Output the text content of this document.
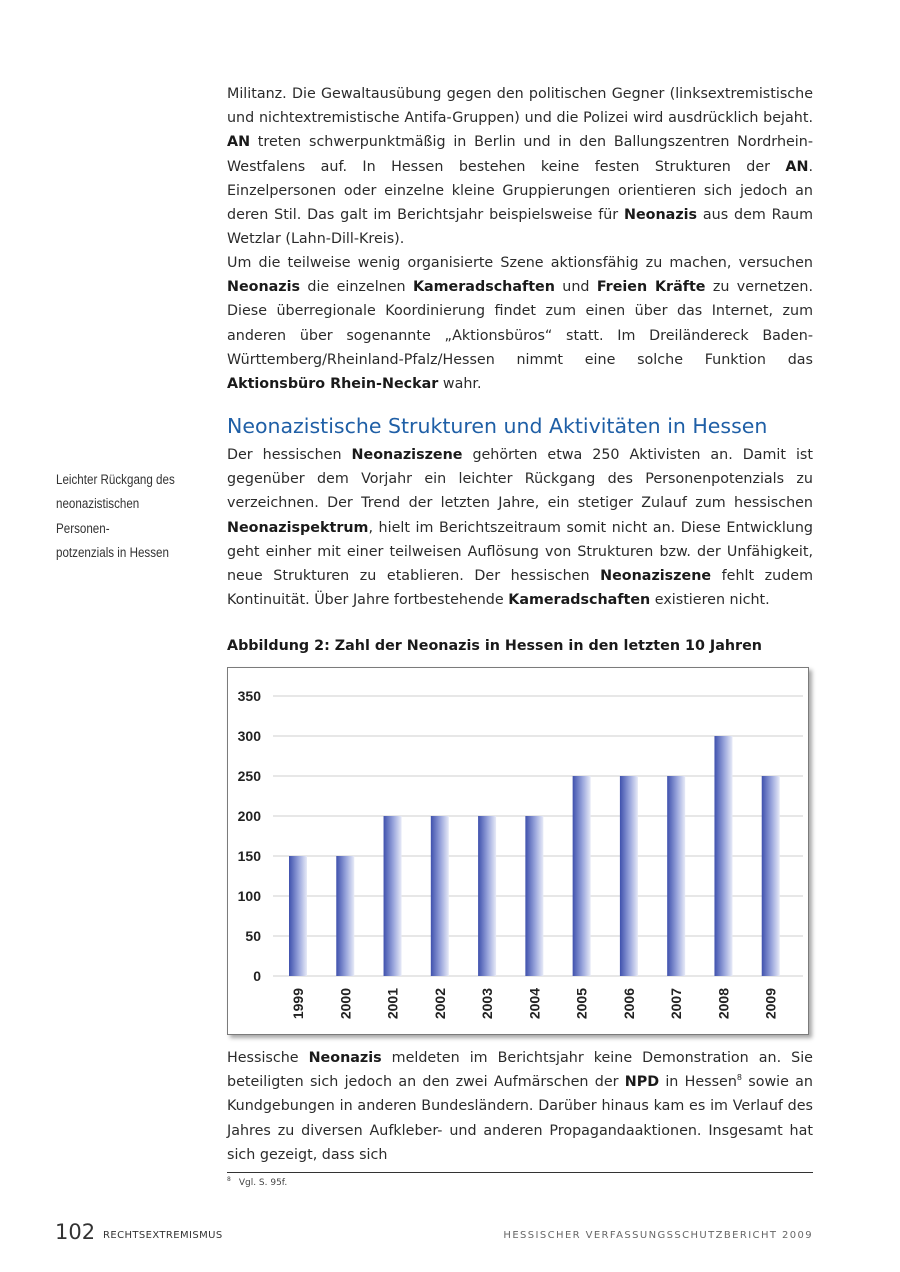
Militanz. Die Gewaltausübung gegen den politischen Gegner (linksextremistische und nichtextremistische Antifa-Gruppen) und die Polizei wird ausdrücklich bejaht. AN treten schwerpunktmäßig in Berlin und in den Ballungszentren Nordrhein-Westfalens auf. In Hessen bestehen keine festen Strukturen der AN. Einzelpersonen oder einzelne kleine Gruppierungen orientieren sich jedoch an deren Stil. Das galt im Berichtsjahr beispielsweise für Neonazis aus dem Raum Wetzlar (Lahn-Dill-Kreis).

Um die teilweise wenig organisierte Szene aktionsfähig zu machen, versuchen Neonazis die einzelnen Kameradschaften und Freien Kräfte zu vernetzen. Diese überregionale Koordinierung findet zum einen über das Internet, zum anderen über sogenannte „Aktionsbüros“ statt. Im Dreiländereck Baden-Württemberg/Rheinland-Pfalz/Hessen nimmt eine solche Funktion das Aktionsbüro Rhein-Neckar wahr.

Neonazistische Strukturen und Aktivitäten in Hessen
Leichter Rückgang des
neonazistischen Personen-
potzenzials in Hessen

Der hessischen Neonaziszene gehörten etwa 250 Aktivisten an. Damit ist gegenüber dem Vorjahr ein leichter Rückgang des Personenpotenzials zu verzeichnen. Der Trend der letzten Jahre, ein stetiger Zulauf zum hessischen Neonazispektrum, hielt im Berichtszeitraum somit nicht an. Diese Entwicklung geht einher mit einer teilweisen Auflösung von Strukturen bzw. der Unfähigkeit, neue Strukturen zu etablieren. Der hessischen Neonaziszene fehlt zudem Kontinuität. Über Jahre fortbestehende Kameradschaften existieren nicht.

Abbildung 2: Zahl der Neonazis in Hessen in den letzten 10 Jahren

0
50
100
150
200
250
300
350
1999 2000 2001 2002 2003 2004 2005 2006 2007 2008 2009

Hessische Neonazis meldeten im Berichtsjahr keine Demonstration an. Sie beteiligten sich jedoch an den zwei Aufmärschen der NPD in Hessen$^8$ sowie an Kundgebungen in anderen Bundesländern. Darüber hinaus kam es im Verlauf des Jahres zu diversen Aufkleber- und anderen Propagandaaktionen. Insgesamt hat sich gezeigt, dass sich

$^8$ Vgl. S. 95f.
102 RECHTSEXTREMISMUS	HESSISCHER VERFASSUNGSSCHUTZBERICHT 2009
